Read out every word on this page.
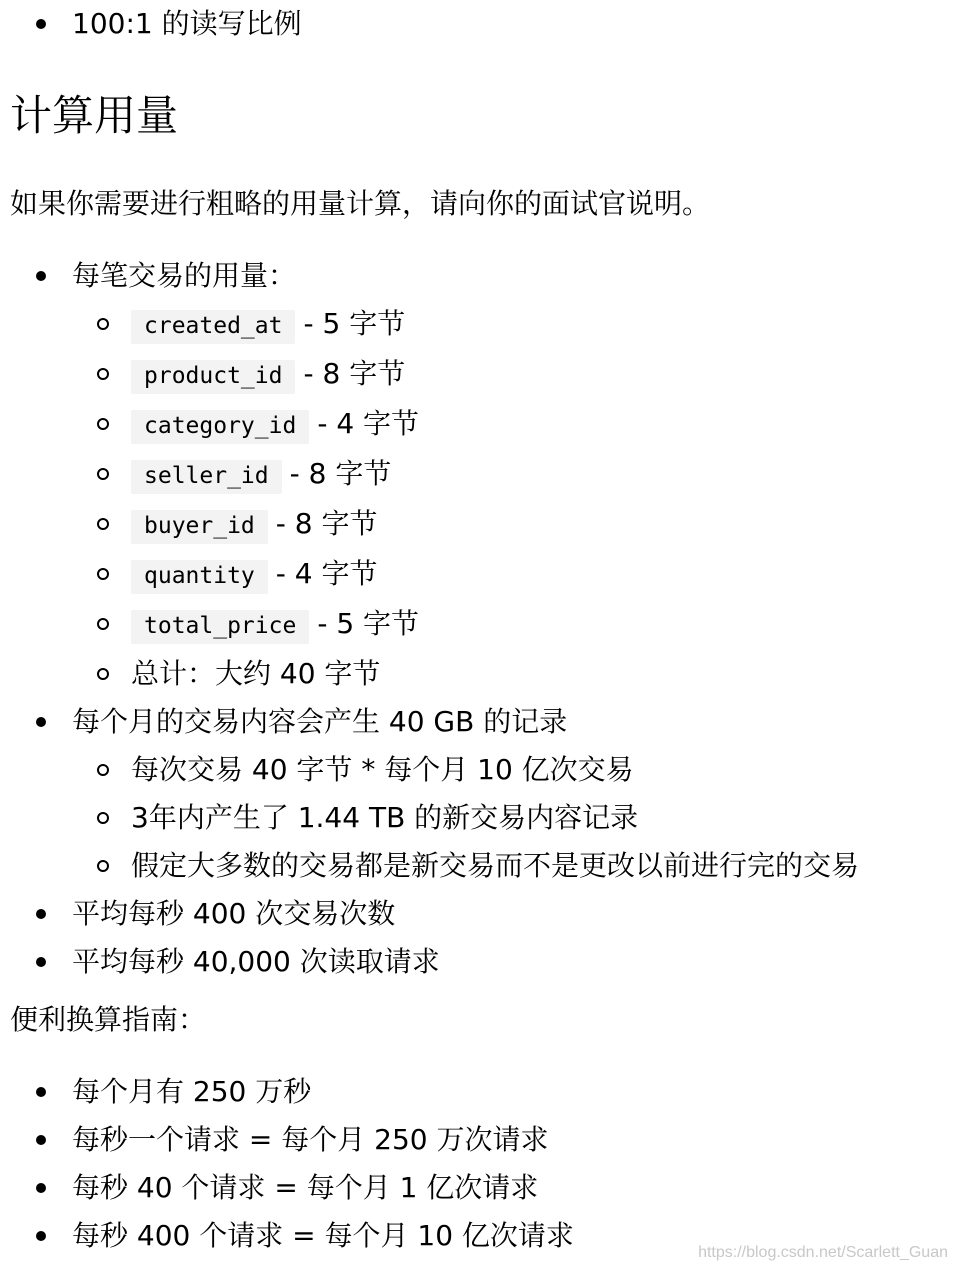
100:1 的读写比例
计算用量

如果你需要进行粗略的用量计算，请向你的面试官说明。

每笔交易的用量：
created_at - 5 字节
product_id - 8 字节
category_id - 4 字节
seller_id - 8 字节
buyer_id - 8 字节
quantity - 4 字节
total_price - 5 字节
总计：大约 40 字节
每个月的交易内容会产生 40 GB 的记录
每次交易 40 字节 * 每个月 10 亿次交易
3年内产生了 1.44 TB 的新交易内容记录
假定大多数的交易都是新交易而不是更改以前进行完的交易
平均每秒 400 次交易次数
平均每秒 40,000 次读取请求

便利换算指南：

每个月有 250 万秒
每秒一个请求 = 每个月 250 万次请求
每秒 40 个请求 = 每个月 1 亿次请求
每秒 400 个请求 = 每个月 10 亿次请求
https://blog.csdn.net/Scarlett_Guan
